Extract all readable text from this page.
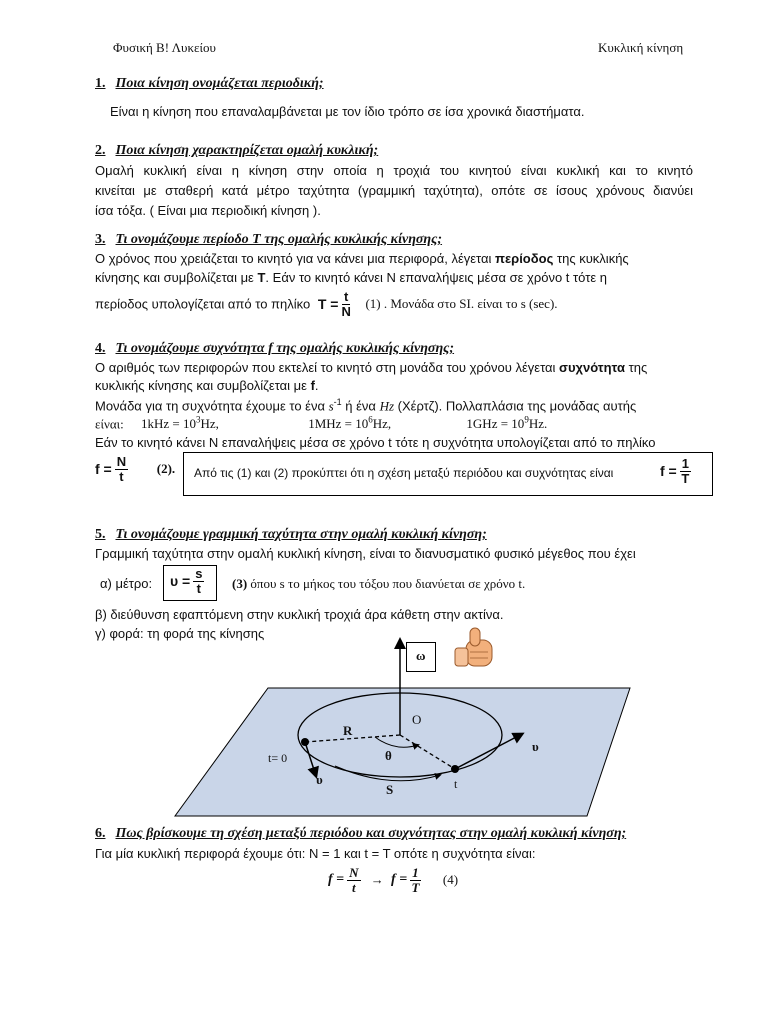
Φυσική Β! Λυκείου	Κυκλική κίνηση
1. Ποια κίνηση ονομάζεται περιοδική;
Είναι η κίνηση που επαναλαμβάνεται με τον ίδιο τρόπο σε ίσα χρονικά διαστήματα.
2. Ποια κίνηση χαρακτηρίζεται ομαλή κυκλική;
Ομαλή κυκλική είναι η κίνηση στην οποία η τροχιά του κινητού είναι κυκλική και το κινητό
κινείται με σταθερή κατά μέτρο ταχύτητα (γραμμική ταχύτητα), οπότε σε ίσους χρόνους διανύει
ίσα τόξα. ( Είναι μια περιοδική κίνηση ).
3. Τι ονομάζουμε περίοδο Τ της ομαλής κυκλικής κίνησης;
Ο χρόνος που χρειάζεται το κινητό για να κάνει μια περιφορά, λέγεται περίοδος της κυκλικής
κίνησης και συμβολίζεται με Τ. Εάν το κινητό κάνει Ν επαναλήψεις μέσα σε χρόνο t τότε η
περίοδος υπολογίζεται από το πηλίκο $T = \frac{t}{N} (1)$ . Μονάδα στο SI. είναι το s (sec).
4. Τι ονομάζουμε συχνότητα f της ομαλής κυκλικής κίνησης;
Ο αριθμός των περιφορών που εκτελεί το κινητό στη μονάδα του χρόνου λέγεται συχνότητα της
κυκλικής κίνησης και συμβολίζεται με f.
Μονάδα για τη συχνότητα έχουμε το ένα $s^{-1}$ ή ένα Hz (Χέρτζ). Πολλαπλάσια της μονάδας αυτής
είναι: $1kHz = 10^3Hz$,	$1MHz = 10^6Hz$,	$1GHz = 10^9Hz$.
Εάν το κινητό κάνει Ν επαναλήψεις μέσα σε χρόνο t τότε η συχνότητα υπολογίζεται από το πηλίκο
$f = \frac{N}{t} (2)$. Από τις (1) και (2) προκύπτει ότι η σχέση μεταξύ περιόδου και συχνότητας είναι	$f = \frac{1}{T}$
5. Τι ονομάζουμε γραμμική ταχύτητα στην ομαλή κυκλική κίνηση;
Γραμμική ταχύτητα στην ομαλή κυκλική κίνηση, είναι το διανυσματικό φυσικό μέγεθος που έχει
α) μέτρο: $\upsilon = \frac{s}{t} (3)$ όπου s το μήκος του τόξου που διανύεται σε χρόνο t.
β) διεύθυνση εφαπτόμενη στην κυκλική τροχιά άρα κάθετη στην ακτίνα.
γ) φορά: τη φορά της κίνησης
ω
O
R
θ
t= 0
t
S
υ
υ
6. Πως βρίσκουμε τη σχέση μεταξύ περιόδου και συχνότητας στην ομαλή κυκλική κίνηση;
Για μία κυκλική περιφορά έχουμε ότι: Ν = 1 και t = T οπότε η συχνότητα είναι:
$f = \frac{N}{t} \to f = \frac{1}{T} (4)$
